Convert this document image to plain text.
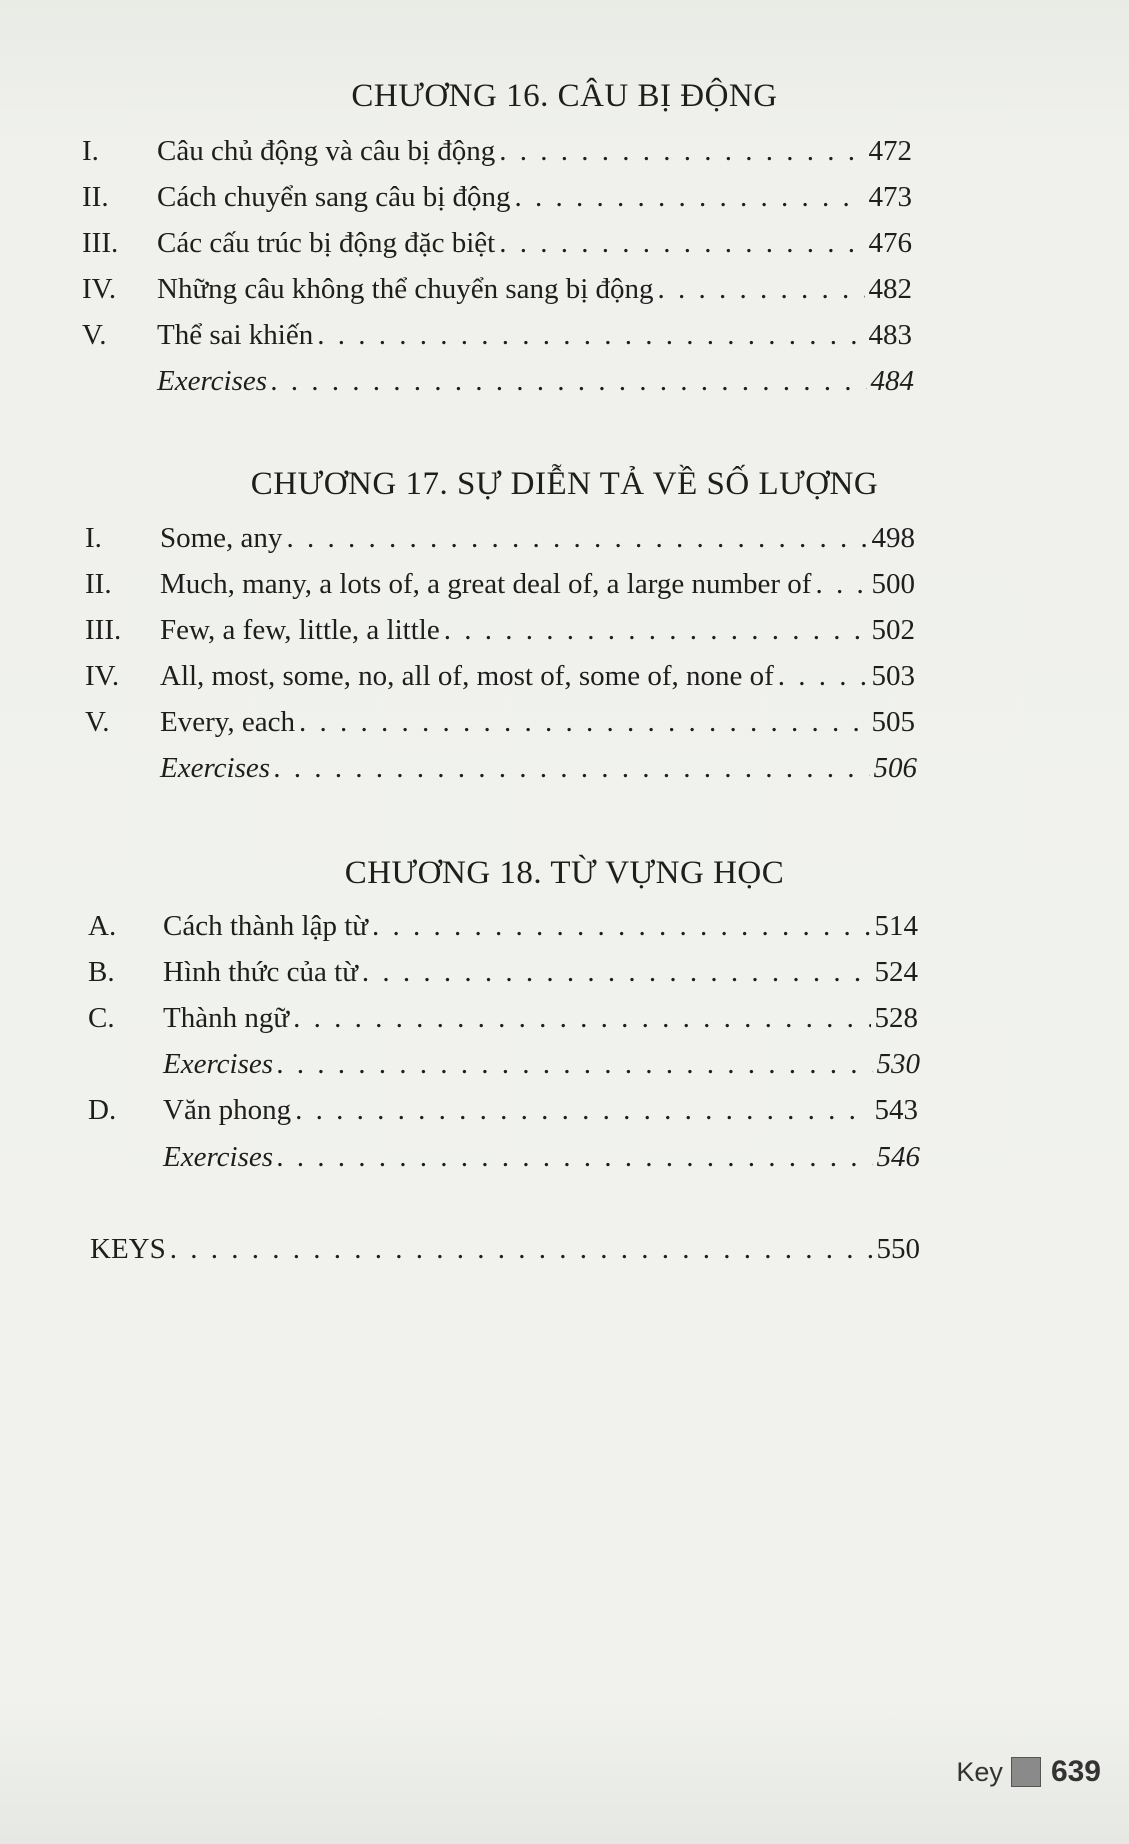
CHƯƠNG 16. CÂU BỊ ĐỘNG
I.	Câu chủ động và câu bị động . . .	472
II.	Cách chuyển sang câu bị động . . .	473
III.	Các cấu trúc bị động đặc biệt . . .	476
IV.	Những câu không thể chuyển sang bị động . . .	482
V.	Thể sai khiến . . .	483
Exercises . . .	484
CHƯƠNG 17. SỰ DIỄN TẢ VỀ SỐ LƯỢNG
I.	Some, any . . .	498
II.	Much, many, a lots of, a great deal of, a large number of . . . 500
III.	Few, a few, little, a little . . .	502
IV.	All, most, some, no, all of, most of, some of, none of . . .	503
V.	Every, each . . .	505
Exercises . . .	506
CHƯƠNG 18. TỪ VỰNG HỌC
A.	Cách thành lập từ . . .	514
B.	Hình thức của từ . . .	524
C.	Thành ngữ . . .	528
Exercises . . .	530
D.	Văn phong . . .	543
Exercises . . .	546
KEYS . . .	550
Key 639
